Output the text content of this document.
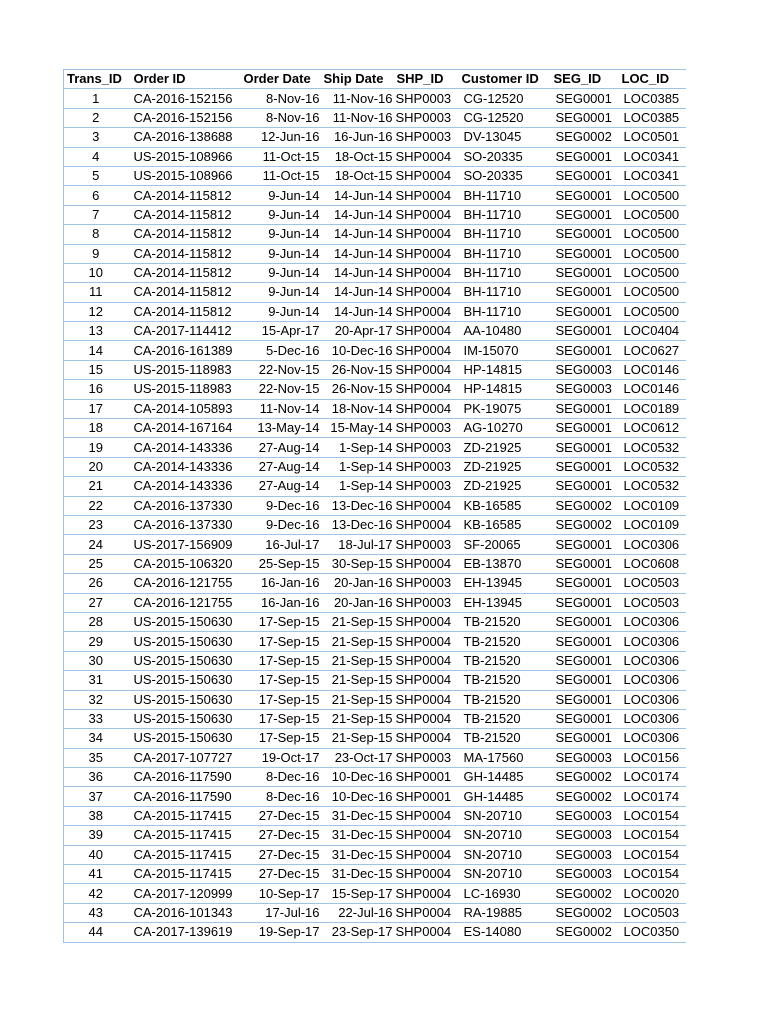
Trans_ID	Order ID	Order Date	Ship Date	SHP_ID	Customer ID	SEG_ID	LOC_ID
1	CA-2016-152156	8-Nov-16	11-Nov-16	SHP0003	CG-12520	SEG0001	LOC0385
2	CA-2016-152156	8-Nov-16	11-Nov-16	SHP0003	CG-12520	SEG0001	LOC0385
3	CA-2016-138688	12-Jun-16	16-Jun-16	SHP0003	DV-13045	SEG0002	LOC0501
4	US-2015-108966	11-Oct-15	18-Oct-15	SHP0004	SO-20335	SEG0001	LOC0341
5	US-2015-108966	11-Oct-15	18-Oct-15	SHP0004	SO-20335	SEG0001	LOC0341
6	CA-2014-115812	9-Jun-14	14-Jun-14	SHP0004	BH-11710	SEG0001	LOC0500
7	CA-2014-115812	9-Jun-14	14-Jun-14	SHP0004	BH-11710	SEG0001	LOC0500
8	CA-2014-115812	9-Jun-14	14-Jun-14	SHP0004	BH-11710	SEG0001	LOC0500
9	CA-2014-115812	9-Jun-14	14-Jun-14	SHP0004	BH-11710	SEG0001	LOC0500
10	CA-2014-115812	9-Jun-14	14-Jun-14	SHP0004	BH-11710	SEG0001	LOC0500
11	CA-2014-115812	9-Jun-14	14-Jun-14	SHP0004	BH-11710	SEG0001	LOC0500
12	CA-2014-115812	9-Jun-14	14-Jun-14	SHP0004	BH-11710	SEG0001	LOC0500
13	CA-2017-114412	15-Apr-17	20-Apr-17	SHP0004	AA-10480	SEG0001	LOC0404
14	CA-2016-161389	5-Dec-16	10-Dec-16	SHP0004	IM-15070	SEG0001	LOC0627
15	US-2015-118983	22-Nov-15	26-Nov-15	SHP0004	HP-14815	SEG0003	LOC0146
16	US-2015-118983	22-Nov-15	26-Nov-15	SHP0004	HP-14815	SEG0003	LOC0146
17	CA-2014-105893	11-Nov-14	18-Nov-14	SHP0004	PK-19075	SEG0001	LOC0189
18	CA-2014-167164	13-May-14	15-May-14	SHP0003	AG-10270	SEG0001	LOC0612
19	CA-2014-143336	27-Aug-14	1-Sep-14	SHP0003	ZD-21925	SEG0001	LOC0532
20	CA-2014-143336	27-Aug-14	1-Sep-14	SHP0003	ZD-21925	SEG0001	LOC0532
21	CA-2014-143336	27-Aug-14	1-Sep-14	SHP0003	ZD-21925	SEG0001	LOC0532
22	CA-2016-137330	9-Dec-16	13-Dec-16	SHP0004	KB-16585	SEG0002	LOC0109
23	CA-2016-137330	9-Dec-16	13-Dec-16	SHP0004	KB-16585	SEG0002	LOC0109
24	US-2017-156909	16-Jul-17	18-Jul-17	SHP0003	SF-20065	SEG0001	LOC0306
25	CA-2015-106320	25-Sep-15	30-Sep-15	SHP0004	EB-13870	SEG0001	LOC0608
26	CA-2016-121755	16-Jan-16	20-Jan-16	SHP0003	EH-13945	SEG0001	LOC0503
27	CA-2016-121755	16-Jan-16	20-Jan-16	SHP0003	EH-13945	SEG0001	LOC0503
28	US-2015-150630	17-Sep-15	21-Sep-15	SHP0004	TB-21520	SEG0001	LOC0306
29	US-2015-150630	17-Sep-15	21-Sep-15	SHP0004	TB-21520	SEG0001	LOC0306
30	US-2015-150630	17-Sep-15	21-Sep-15	SHP0004	TB-21520	SEG0001	LOC0306
31	US-2015-150630	17-Sep-15	21-Sep-15	SHP0004	TB-21520	SEG0001	LOC0306
32	US-2015-150630	17-Sep-15	21-Sep-15	SHP0004	TB-21520	SEG0001	LOC0306
33	US-2015-150630	17-Sep-15	21-Sep-15	SHP0004	TB-21520	SEG0001	LOC0306
34	US-2015-150630	17-Sep-15	21-Sep-15	SHP0004	TB-21520	SEG0001	LOC0306
35	CA-2017-107727	19-Oct-17	23-Oct-17	SHP0003	MA-17560	SEG0003	LOC0156
36	CA-2016-117590	8-Dec-16	10-Dec-16	SHP0001	GH-14485	SEG0002	LOC0174
37	CA-2016-117590	8-Dec-16	10-Dec-16	SHP0001	GH-14485	SEG0002	LOC0174
38	CA-2015-117415	27-Dec-15	31-Dec-15	SHP0004	SN-20710	SEG0003	LOC0154
39	CA-2015-117415	27-Dec-15	31-Dec-15	SHP0004	SN-20710	SEG0003	LOC0154
40	CA-2015-117415	27-Dec-15	31-Dec-15	SHP0004	SN-20710	SEG0003	LOC0154
41	CA-2015-117415	27-Dec-15	31-Dec-15	SHP0004	SN-20710	SEG0003	LOC0154
42	CA-2017-120999	10-Sep-17	15-Sep-17	SHP0004	LC-16930	SEG0002	LOC0020
43	CA-2016-101343	17-Jul-16	22-Jul-16	SHP0004	RA-19885	SEG0002	LOC0503
44	CA-2017-139619	19-Sep-17	23-Sep-17	SHP0004	ES-14080	SEG0002	LOC0350
